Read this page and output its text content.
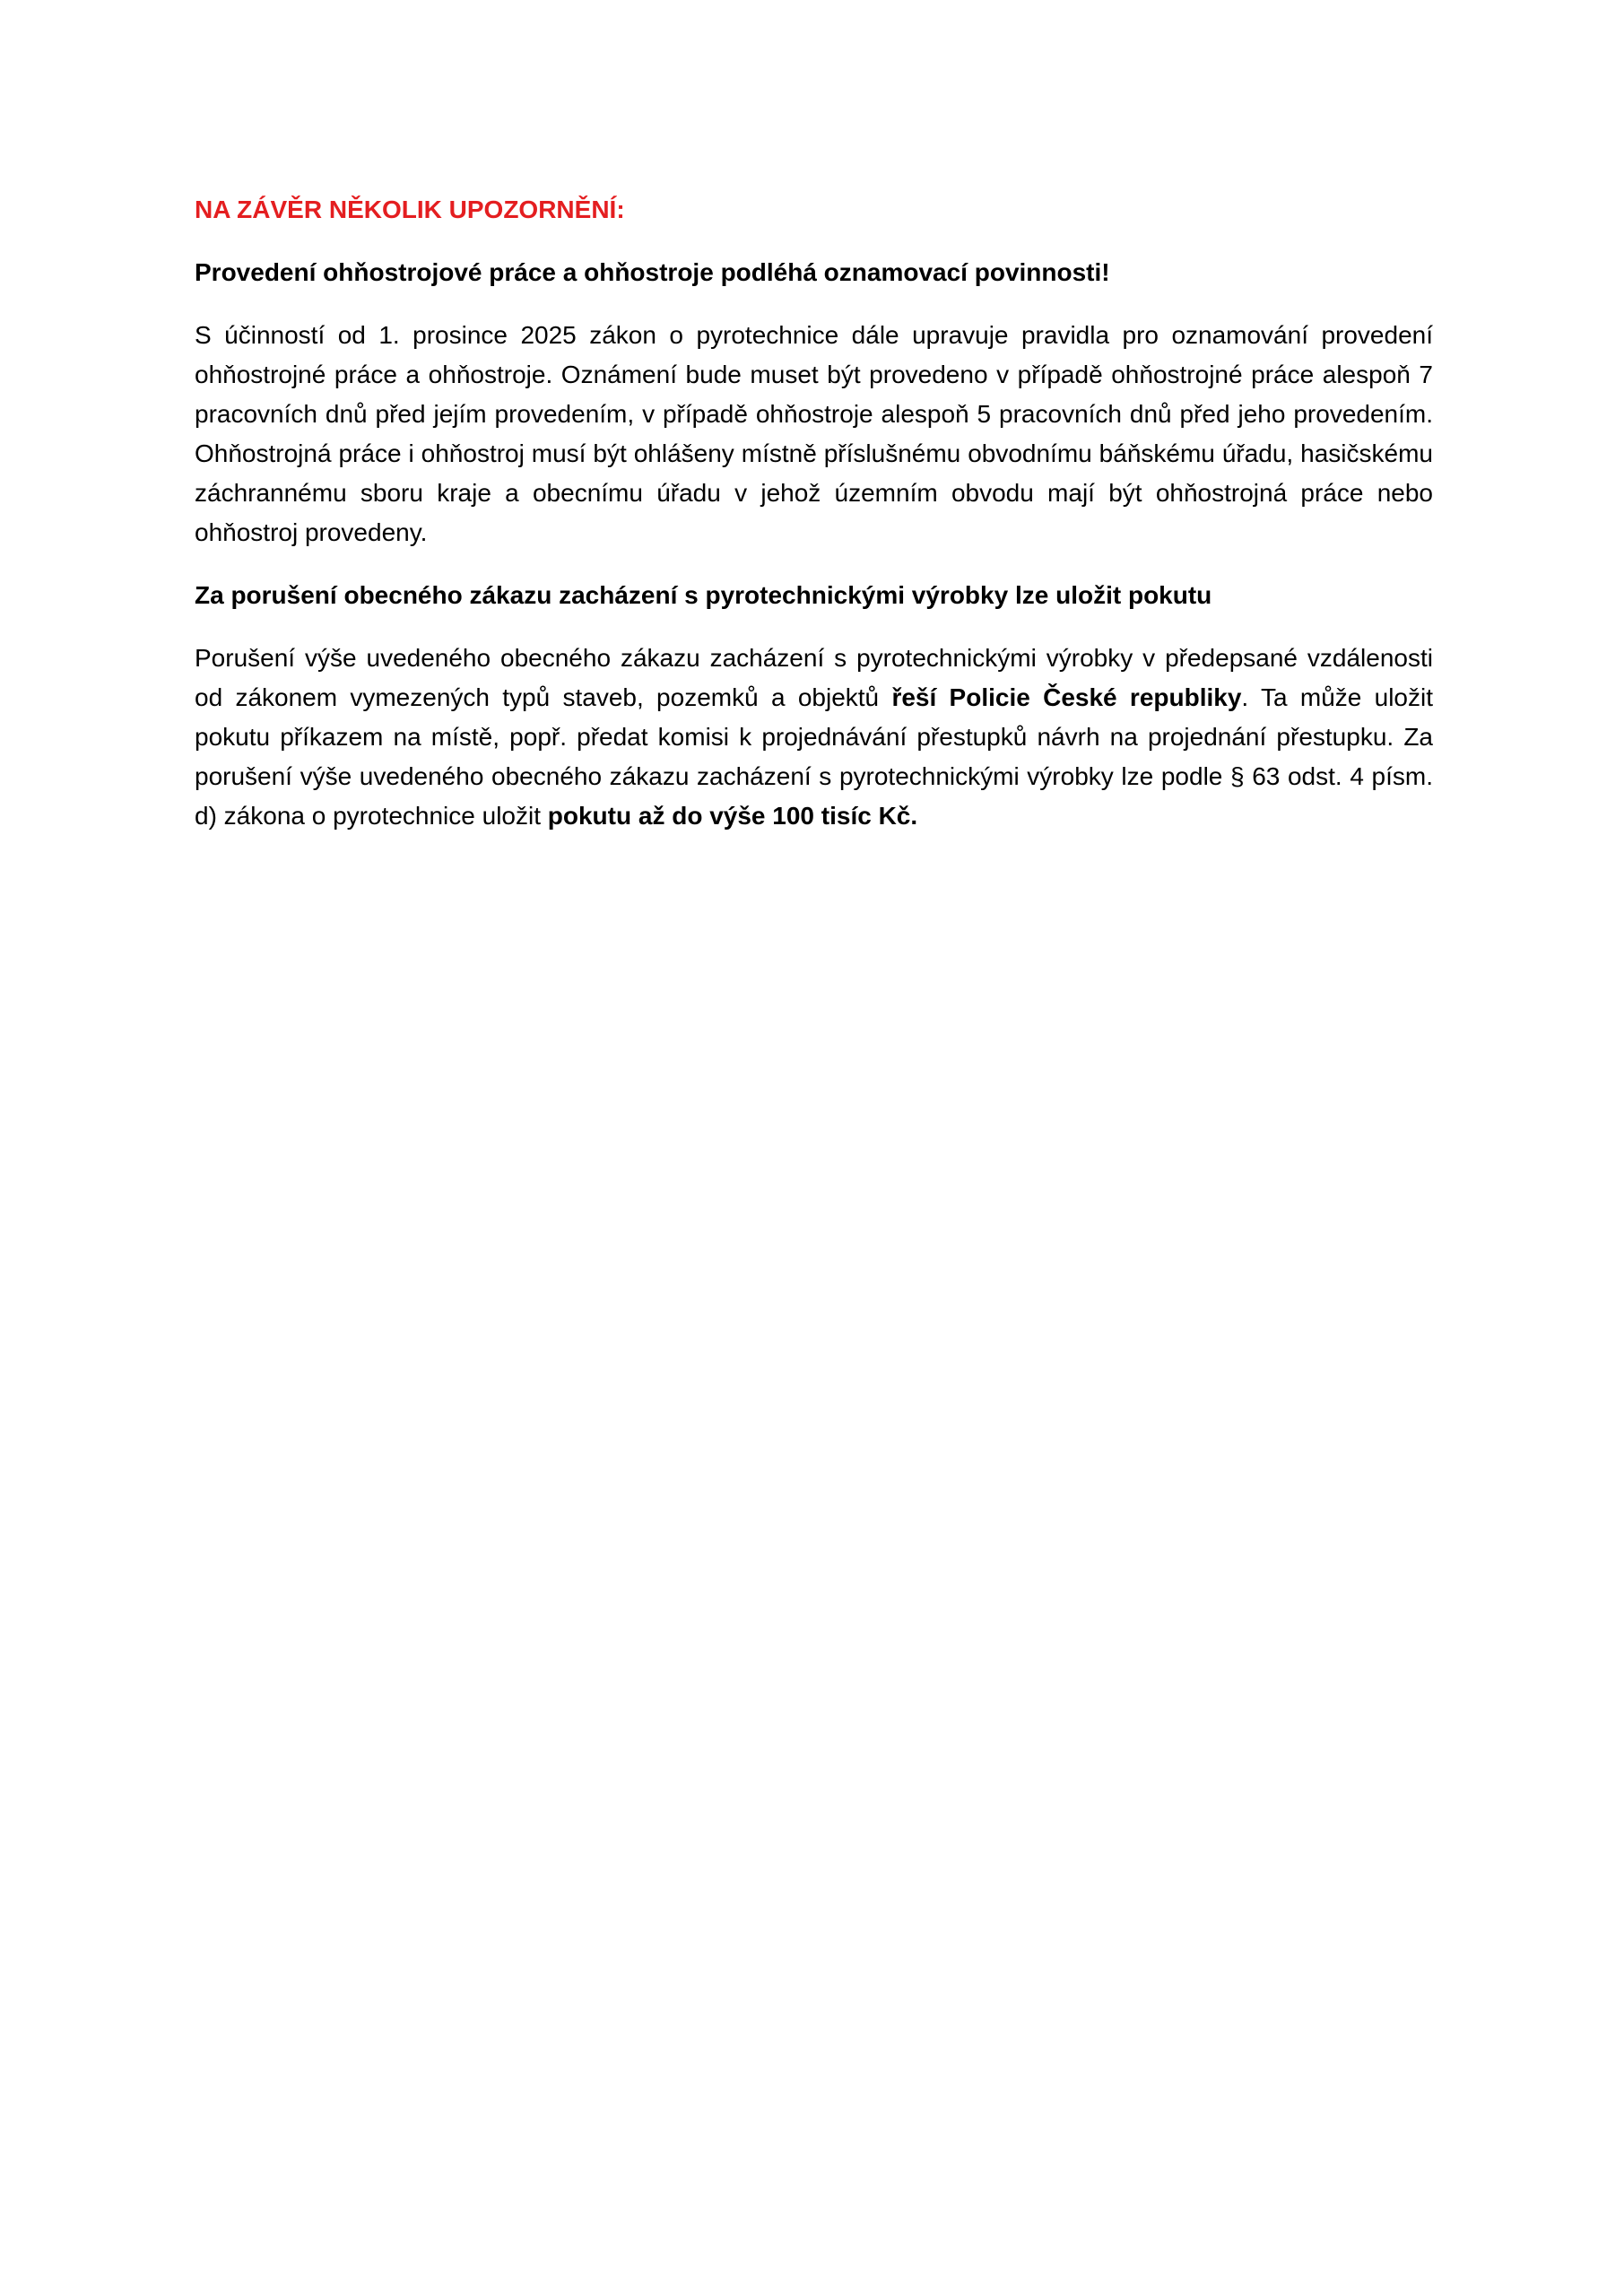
NA ZÁVĚR NĚKOLIK UPOZORNĚNÍ:

Provedení ohňostrojové práce a ohňostroje podléhá oznamovací povinnosti!

S účinností od 1. prosince 2025 zákon o pyrotechnice dále upravuje pravidla pro oznamování provedení ohňostrojné práce a ohňostroje. Oznámení bude muset být provedeno v případě ohňostrojné práce alespoň 7 pracovních dnů před jejím provedením, v případě ohňostroje alespoň 5 pracovních dnů před jeho provedením. Ohňostrojná práce i ohňostroj musí být ohlášeny místně příslušnému obvodnímu báňskému úřadu, hasičskému záchrannému sboru kraje a obecnímu úřadu v jehož územním obvodu mají být ohňostrojná práce nebo ohňostroj provedeny.

Za porušení obecného zákazu zacházení s pyrotechnickými výrobky lze uložit pokutu

Porušení výše uvedeného obecného zákazu zacházení s pyrotechnickými výrobky v předepsané vzdálenosti od zákonem vymezených typů staveb, pozemků a objektů řeší Policie České republiky. Ta může uložit pokutu příkazem na místě, popř. předat komisi k projednávání přestupků návrh na projednání přestupku. Za porušení výše uvedeného obecného zákazu zacházení s pyrotechnickými výrobky lze podle § 63 odst. 4 písm. d) zákona o pyrotechnice uložit pokutu až do výše 100 tisíc Kč.
